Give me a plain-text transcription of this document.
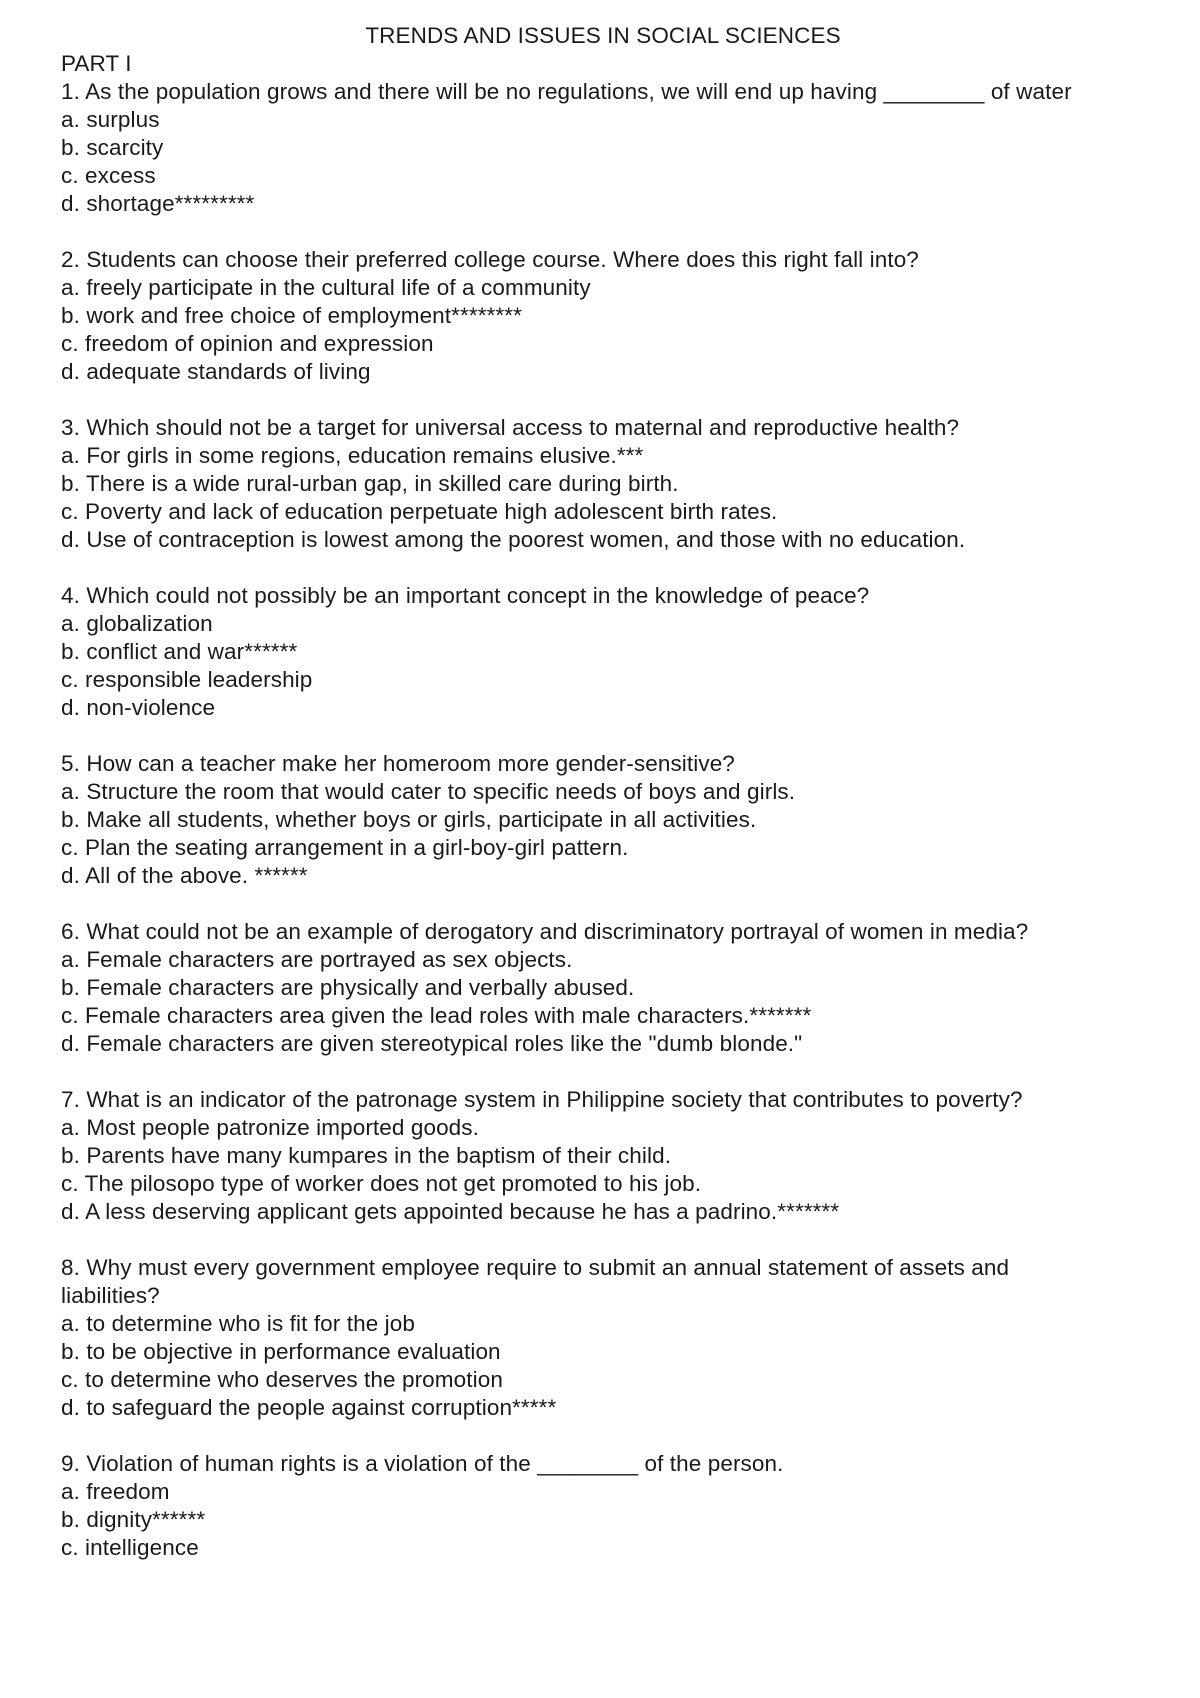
TRENDS AND ISSUES IN SOCIAL SCIENCES
PART I

1. As the population grows and there will be no regulations, we will end up having ________ of water

a. surplus
b. scarcity
c. excess
d. shortage*********

2. Students can choose their preferred college course. Where does this right fall into?

a. freely participate in the cultural life of a community
b. work and free choice of employment********
c. freedom of opinion and expression
d. adequate standards of living

3. Which should not be a target for universal access to maternal and reproductive health?

a. For girls in some regions, education remains elusive.***
b. There is a wide rural-urban gap, in skilled care during birth.
c. Poverty and lack of education perpetuate high adolescent birth rates.
d. Use of contraception is lowest among the poorest women, and those with no education.

4. Which could not possibly be an important concept in the knowledge of peace?

a. globalization
b. conflict and war******
c. responsible leadership
d. non-violence

5. How can a teacher make her homeroom more gender-sensitive?

a. Structure the room that would cater to specific needs of boys and girls.
b. Make all students, whether boys or girls, participate in all activities.
c. Plan the seating arrangement in a girl-boy-girl pattern.
d. All of the above. ******

6. What could not be an example of derogatory and discriminatory portrayal of women in media?

a. Female characters are portrayed as sex objects.
b. Female characters are physically and verbally abused.
c. Female characters area given the lead roles with male characters.*******
d. Female characters are given stereotypical roles like the "dumb blonde."

7. What is an indicator of the patronage system in Philippine society that contributes to poverty?

a. Most people patronize imported goods.
b. Parents have many kumpares in the baptism of their child.
c. The pilosopo type of worker does not get promoted to his job.
d. A less deserving applicant gets appointed because he has a padrino.*******

8. Why must every government employee require to submit an annual statement of assets and liabilities?

a. to determine who is fit for the job
b. to be objective in performance evaluation
c. to determine who deserves the promotion
d. to safeguard the people against corruption*****

9. Violation of human rights is a violation of the ________ of the person.

a. freedom
b. dignity******
c. intelligence
